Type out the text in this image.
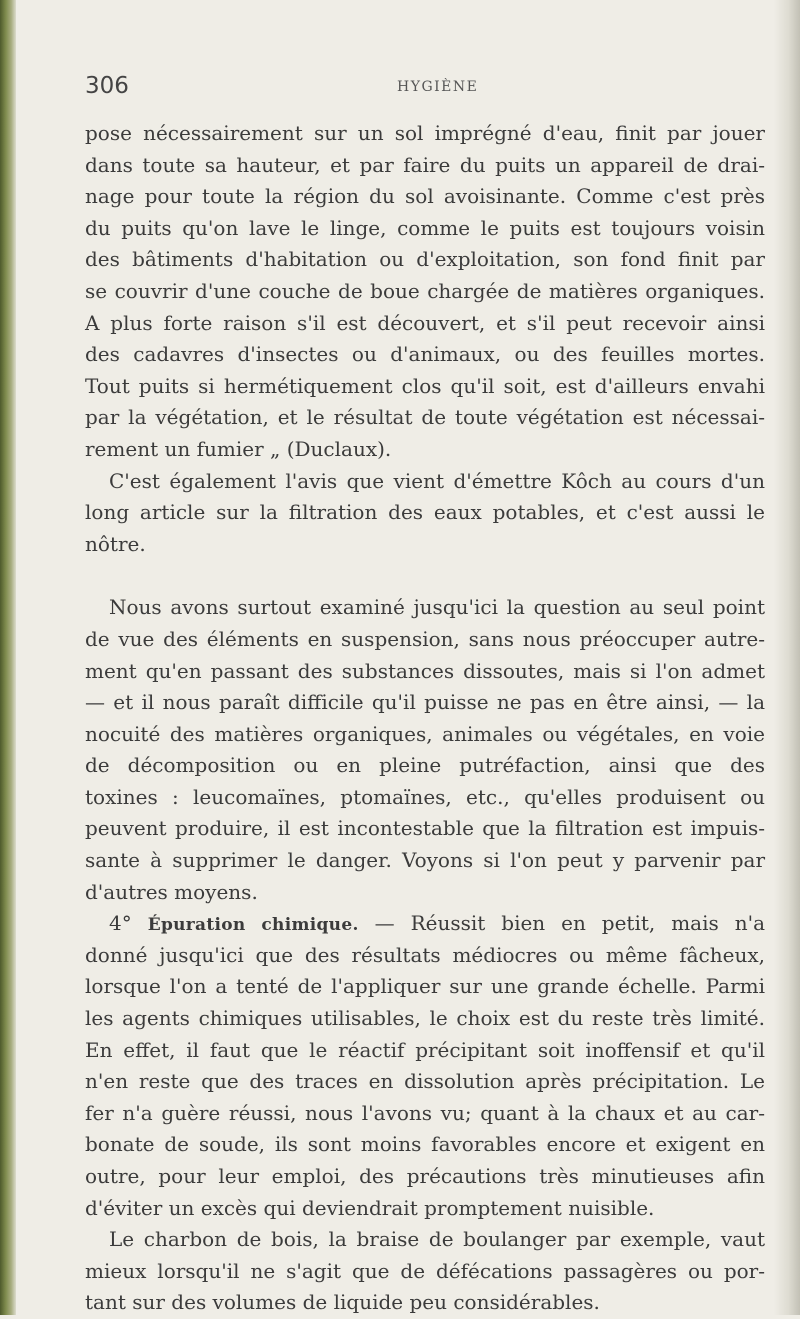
306	HYGIÈNE
pose nécessairement sur un sol imprégné d'eau, finit par jouer
dans toute sa hauteur, et par faire du puits un appareil de drai-
nage pour toute la région du sol avoisinante. Comme c'est près
du puits qu'on lave le linge, comme le puits est toujours voisin
des bâtiments d'habitation ou d'exploitation, son fond finit par
se couvrir d'une couche de boue chargée de matières organiques.
A plus forte raison s'il est découvert, et s'il peut recevoir ainsi
des cadavres d'insectes ou d'animaux, ou des feuilles mortes.
Tout puits si hermétiquement clos qu'il soit, est d'ailleurs envahi
par la végétation, et le résultat de toute végétation est nécessai-
rement un fumier „ (Duclaux).
C'est également l'avis que vient d'émettre Kôch au cours d'un
long article sur la filtration des eaux potables, et c'est aussi le
nôtre.
Nous avons surtout examiné jusqu'ici la question au seul point
de vue des éléments en suspension, sans nous préoccuper autre-
ment qu'en passant des substances dissoutes, mais si l'on admet
— et il nous paraît difficile qu'il puisse ne pas en être ainsi, — la
nocuité des matières organiques, animales ou végétales, en voie
de décomposition ou en pleine putréfaction, ainsi que des
toxines : leucomaïnes, ptomaïnes, etc., qu'elles produisent ou
peuvent produire, il est incontestable que la filtration est impuis-
sante à supprimer le danger. Voyons si l'on peut y parvenir par
d'autres moyens.
4° Épuration chimique. — Réussit bien en petit, mais n'a
donné jusqu'ici que des résultats médiocres ou même fâcheux,
lorsque l'on a tenté de l'appliquer sur une grande échelle. Parmi
les agents chimiques utilisables, le choix est du reste très limité.
En effet, il faut que le réactif précipitant soit inoffensif et qu'il
n'en reste que des traces en dissolution après précipitation. Le
fer n'a guère réussi, nous l'avons vu; quant à la chaux et au car-
bonate de soude, ils sont moins favorables encore et exigent en
outre, pour leur emploi, des précautions très minutieuses afin
d'éviter un excès qui deviendrait promptement nuisible.
Le charbon de bois, la braise de boulanger par exemple, vaut
mieux lorsqu'il ne s'agit que de défécations passagères ou por-
tant sur des volumes de liquide peu considérables.
